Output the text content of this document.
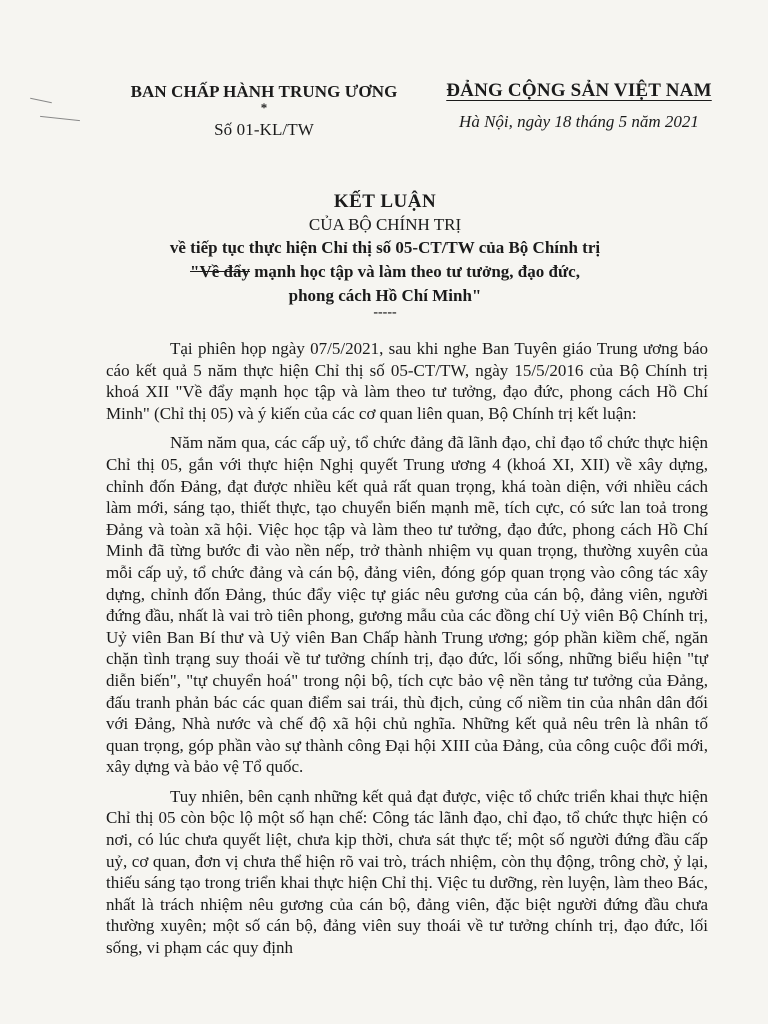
BAN CHẤP HÀNH TRUNG ƯƠNG
*
Số 01-KL/TW
ĐẢNG CỘNG SẢN VIỆT NAM
Hà Nội, ngày 18 tháng 5 năm 2021
KẾT LUẬN
CỦA BỘ CHÍNH TRỊ
về tiếp tục thực hiện Chỉ thị số 05-CT/TW của Bộ Chính trị
"Về đẩy mạnh học tập và làm theo tư tưởng, đạo đức,
phong cách Hồ Chí Minh"
-----

Tại phiên họp ngày 07/5/2021, sau khi nghe Ban Tuyên giáo Trung ương báo cáo kết quả 5 năm thực hiện Chỉ thị số 05-CT/TW, ngày 15/5/2016 của Bộ Chính trị khoá XII "Về đẩy mạnh học tập và làm theo tư tưởng, đạo đức, phong cách Hồ Chí Minh" (Chỉ thị 05) và ý kiến của các cơ quan liên quan, Bộ Chính trị kết luận:

Năm năm qua, các cấp uỷ, tổ chức đảng đã lãnh đạo, chỉ đạo tổ chức thực hiện Chỉ thị 05, gắn với thực hiện Nghị quyết Trung ương 4 (khoá XI, XII) về xây dựng, chỉnh đốn Đảng, đạt được nhiều kết quả rất quan trọng, khá toàn diện, với nhiều cách làm mới, sáng tạo, thiết thực, tạo chuyển biến mạnh mẽ, tích cực, có sức lan toả trong Đảng và toàn xã hội. Việc học tập và làm theo tư tưởng, đạo đức, phong cách Hồ Chí Minh đã từng bước đi vào nền nếp, trở thành nhiệm vụ quan trọng, thường xuyên của mỗi cấp uỷ, tổ chức đảng và cán bộ, đảng viên, đóng góp quan trọng vào công tác xây dựng, chỉnh đốn Đảng, thúc đẩy việc tự giác nêu gương của cán bộ, đảng viên, người đứng đầu, nhất là vai trò tiên phong, gương mẫu của các đồng chí Uỷ viên Bộ Chính trị, Uỷ viên Ban Bí thư và Uỷ viên Ban Chấp hành Trung ương; góp phần kiềm chế, ngăn chặn tình trạng suy thoái về tư tưởng chính trị, đạo đức, lối sống, những biểu hiện "tự diễn biến", "tự chuyển hoá" trong nội bộ, tích cực bảo vệ nền tảng tư tưởng của Đảng, đấu tranh phản bác các quan điểm sai trái, thù địch, củng cố niềm tin của nhân dân đối với Đảng, Nhà nước và chế độ xã hội chủ nghĩa. Những kết quả nêu trên là nhân tố quan trọng, góp phần vào sự thành công Đại hội XIII của Đảng, của công cuộc đổi mới, xây dựng và bảo vệ Tổ quốc.

Tuy nhiên, bên cạnh những kết quả đạt được, việc tổ chức triển khai thực hiện Chỉ thị 05 còn bộc lộ một số hạn chế: Công tác lãnh đạo, chỉ đạo, tổ chức thực hiện có nơi, có lúc chưa quyết liệt, chưa kịp thời, chưa sát thực tế; một số người đứng đầu cấp uỷ, cơ quan, đơn vị chưa thể hiện rõ vai trò, trách nhiệm, còn thụ động, trông chờ, ỷ lại, thiếu sáng tạo trong triển khai thực hiện Chỉ thị. Việc tu dưỡng, rèn luyện, làm theo Bác, nhất là trách nhiệm nêu gương của cán bộ, đảng viên, đặc biệt người đứng đầu chưa thường xuyên; một số cán bộ, đảng viên suy thoái về tư tưởng chính trị, đạo đức, lối sống, vi phạm các quy định
